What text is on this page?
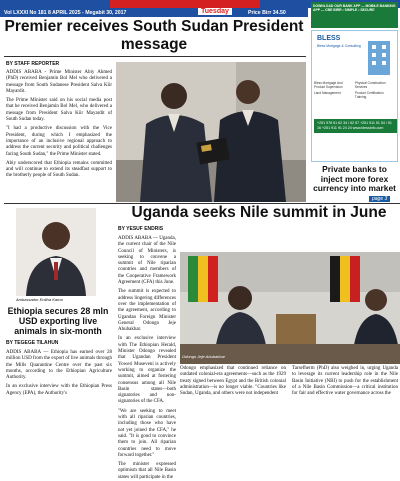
Vol LXXXI No 181 8 APRIL 2025 - Megabit 30, 2017	Tuesday	Price Birr 34.50
Premier receives South Sudan President message
BY STAFF REPORTER

ADDIS ABABA - Prime Minister Abiy Ahmed (PhD) received Benjamin Bol Mel who delivered a message from South Sudanese President Salva Kiir Mayardit.

The Prime Minister said on his social media post that he received Benjamin Bol Mel, who delivered a message from President Salva Kiir Mayardit of South Sudan today.

"I had a productive discussion with the Vice President, during which I emphasized the importance of an inclusive regional approach to address the current security and political challenges facing South Sudan," the Prime Minister stated.

Abiy underscored that Ethiopia remains committed and will continue to extend its steadfast support to the brotherly people of South Sudan.

DOWNLOAD OUR BANK APP — MOBILE BANKING APP — CBE BIRR • SIMPLE • SECURE
BLESS
Bless Mortgage & Consulting
Bless Mortgage And Product Supervision Physical Construction Services Land Management	Product Certification Training
+251 978 61 62 34 / 62 57 +251 911 51 54 / 51 16 +251 911 91 24 24 www.blessinfo.com
Private banks to inject more forex currency into market
page 3
Ambassador Erdiha Kama
Ethiopia secures 28 mln USD exporting live animals in six-month
BY TEGEGE TILAHUN

ADDIS ABABA — Ethiopia has earned over 28 million USD from the export of live animals through the Mills Quarantine Centre over the past six months, according to the Ethiopian Agriculture Authority.

In an exclusive interview with the Ethiopian Press Agency (EPA), the Authority's

Uganda seeks Nile summit in June
BY YESUF ENDRIS

ADDIS ABABA — Uganda, the current chair of the Nile Council of Ministers, is seeking to convene a summit of Nile riparian countries and members of the Cooperative Framework Agreement (CFA) this June.

The summit is expected to address lingering differences over the implementation of the agreement, according to Ugandan Foreign Minister General Odongo Jeje Abubakhar.

In an exclusive interview with The Ethiopian Herald, Minister Odongo revealed that Ugandan President Yoweri Museveni is actively working to organize the summit, aimed at fostering consensus among all Nile Basin states—both signatories and non-signatories of the CFA.

"We are seeking to meet with all riparian countries, including those who have not yet joined the CFA," he said. "It is good to convince them to join. All riparian countries need to move forward together."

The minister expressed optimism that all Nile Basin states will participate in the

Odongo Jeje Abubakhar
Odongo emphasized that continued reliance on outdated colonial-era agreements—such as the 1929 treaty signed between Egypt and the British colonial administration—is no longer viable. "Countries like Sudan, Uganda, and others were not independent
Tarsefherm (PhD) also weighed in, urging Uganda to leverage its current leadership role in the Nile Basin Initiative (NBI) to push for the establishment of a Nile Basin Commission—a critical institution for fair and effective water governance across the
